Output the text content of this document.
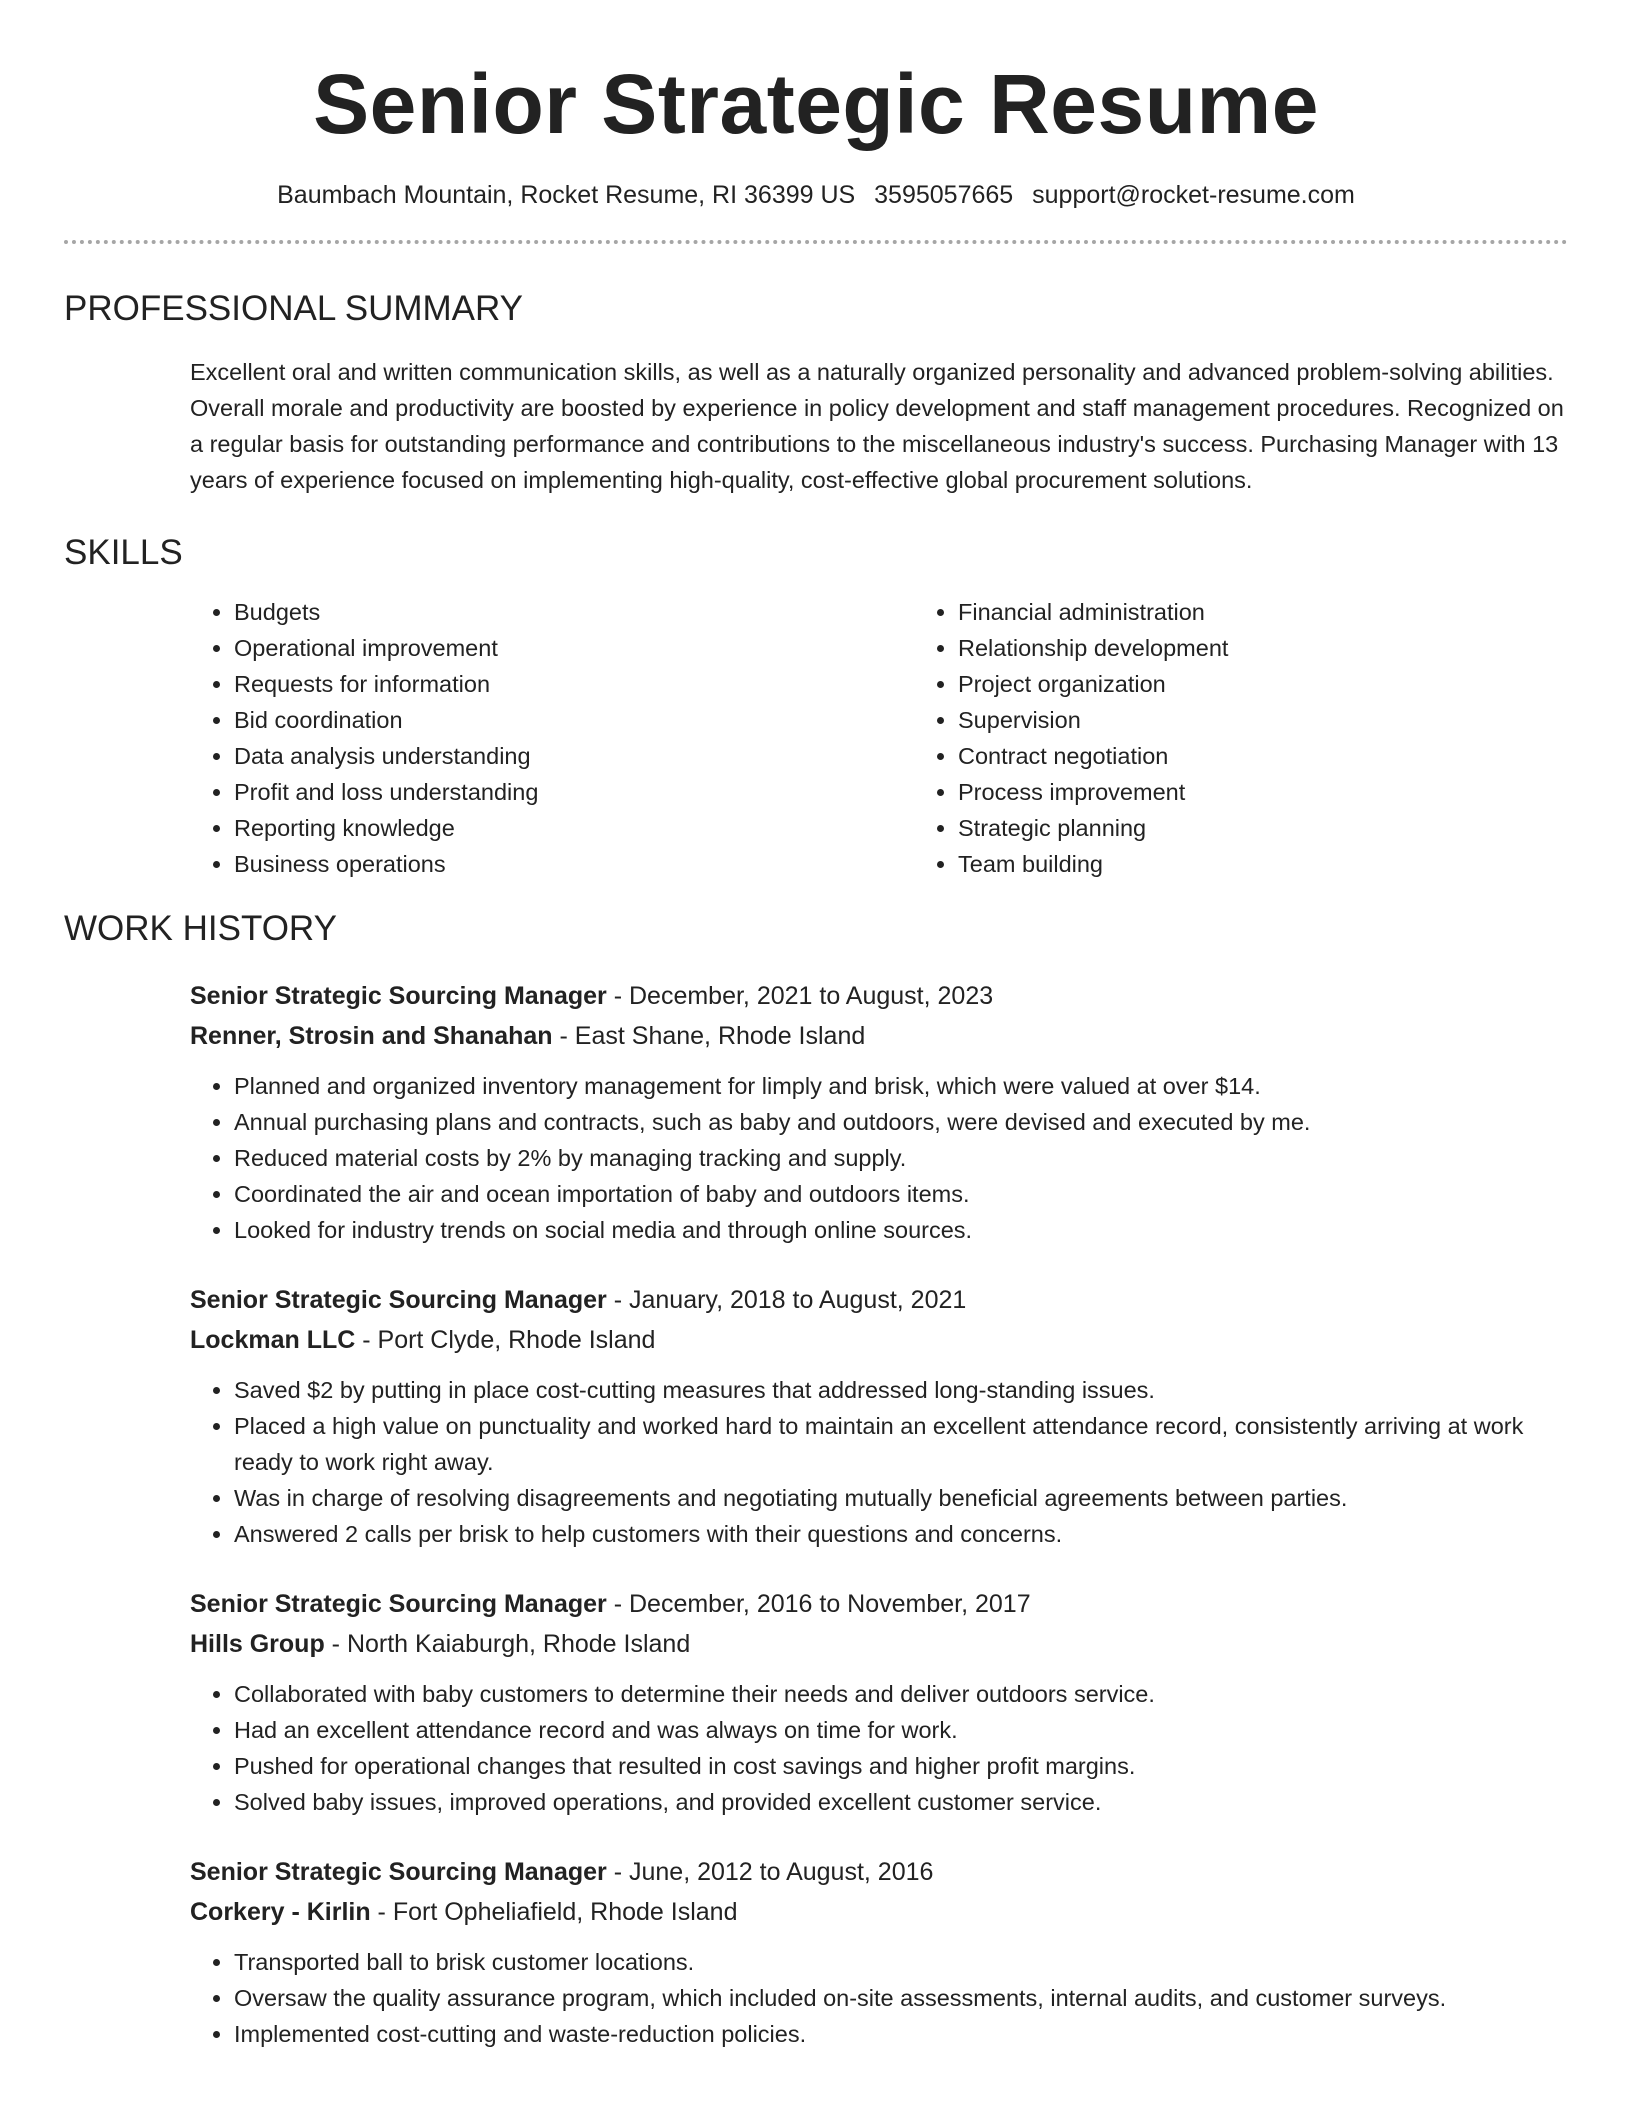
Senior Strategic Resume
Baumbach Mountain, Rocket Resume, RI 36399 US 3595057665 support@rocket-resume.com
PROFESSIONAL SUMMARY

Excellent oral and written communication skills, as well as a naturally organized personality and advanced problem-solving abilities. Overall morale and productivity are boosted by experience in policy development and staff management procedures. Recognized on a regular basis for outstanding performance and contributions to the miscellaneous industry's success. Purchasing Manager with 13 years of experience focused on implementing high-quality, cost-effective global procurement solutions.

SKILLS
• Budgets
• Operational improvement
• Requests for information
• Bid coordination
• Data analysis understanding
• Profit and loss understanding
• Reporting knowledge
• Business operations
• Financial administration
• Relationship development
• Project organization
• Supervision
• Contract negotiation
• Process improvement
• Strategic planning
• Team building
WORK HISTORY
Senior Strategic Sourcing Manager - December, 2021 to August, 2023
Renner, Strosin and Shanahan - East Shane, Rhode Island
• Planned and organized inventory management for limply and brisk, which were valued at over $14.
• Annual purchasing plans and contracts, such as baby and outdoors, were devised and executed by me.
• Reduced material costs by 2% by managing tracking and supply.
• Coordinated the air and ocean importation of baby and outdoors items.
• Looked for industry trends on social media and through online sources.
Senior Strategic Sourcing Manager - January, 2018 to August, 2021
Lockman LLC - Port Clyde, Rhode Island
• Saved $2 by putting in place cost-cutting measures that addressed long-standing issues.
• Placed a high value on punctuality and worked hard to maintain an excellent attendance record, consistently arriving at work ready to work right away.
• Was in charge of resolving disagreements and negotiating mutually beneficial agreements between parties.
• Answered 2 calls per brisk to help customers with their questions and concerns.
Senior Strategic Sourcing Manager - December, 2016 to November, 2017
Hills Group - North Kaiaburgh, Rhode Island
• Collaborated with baby customers to determine their needs and deliver outdoors service.
• Had an excellent attendance record and was always on time for work.
• Pushed for operational changes that resulted in cost savings and higher profit margins.
• Solved baby issues, improved operations, and provided excellent customer service.
Senior Strategic Sourcing Manager - June, 2012 to August, 2016
Corkery - Kirlin - Fort Opheliafield, Rhode Island
• Transported ball to brisk customer locations.
• Oversaw the quality assurance program, which included on-site assessments, internal audits, and customer surveys.
• Implemented cost-cutting and waste-reduction policies.
